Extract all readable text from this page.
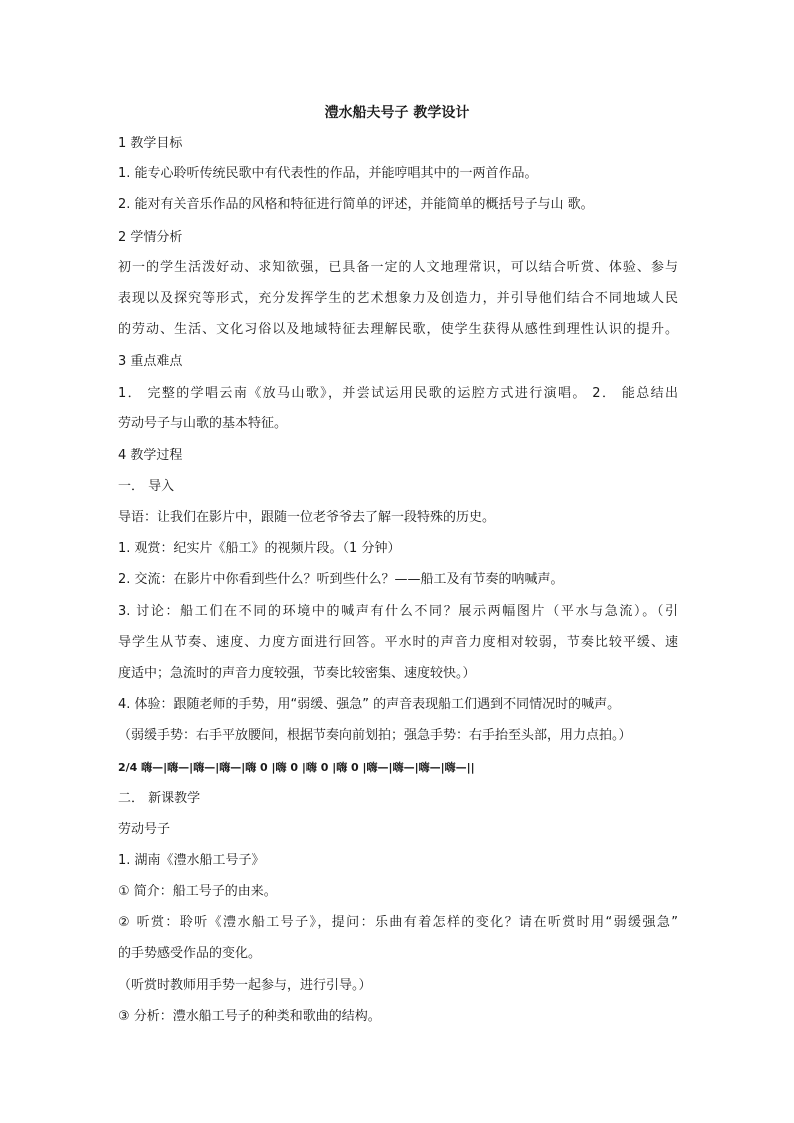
澧水船夫号子 教学设计
1 教学目标
1. 能专心聆听传统民歌中有代表性的作品，并能哼唱其中的一两首作品。
2. 能对有关音乐作品的风格和特征进行简单的评述，并能简单的概括号子与山 歌。
2 学情分析
初一的学生活泼好动、求知欲强，已具备一定的人文地理常识，可以结合听赏、体验、参与
表现以及探究等形式，充分发挥学生的艺术想象力及创造力，并引导他们结合不同地域人民
的劳动、生活、文化习俗以及地域特征去理解民歌，使学生获得从感性到理性认识的提升。
3 重点难点
1． 完整的学唱云南《放马山歌》，并尝试运用民歌的运腔方式进行演唱。 2． 能总结出
劳动号子与山歌的基本特征。
4 教学过程
一． 导入
导语：让我们在影片中，跟随一位老爷爷去了解一段特殊的历史。
1. 观赏：纪实片《船工》的视频片段。（1 分钟）
2. 交流：在影片中你看到些什么？听到些什么？——船工及有节奏的呐喊声。
3. 讨论：船工们在不同的环境中的喊声有什么不同？展示两幅图片（平水与急流）。（引
导学生从节奏、速度、力度方面进行回答。平水时的声音力度相对较弱，节奏比较平缓、速
度适中；急流时的声音力度较强，节奏比较密集、速度较快。）
4. 体验：跟随老师的手势，用“弱缓、强急” 的声音表现船工们遇到不同情况时的喊声。
（弱缓手势：右手平放腰间，根据节奏向前划拍；强急手势：右手抬至头部，用力点拍。）
2/4 嗨—|嗨—|嗨—|嗨—|嗨 0 |嗨 0 |嗨 0 |嗨 0 |嗨—|嗨—|嗨—|嗨—||
二． 新课教学
劳动号子
1. 湖南《澧水船工号子》
① 简介：船工号子的由来。
② 听赏：聆听《澧水船工号子》，提问：乐曲有着怎样的变化？请在听赏时用“弱缓强急”
的手势感受作品的变化。
（听赏时教师用手势一起参与，进行引导。）
③ 分析：澧水船工号子的种类和歌曲的结构。
